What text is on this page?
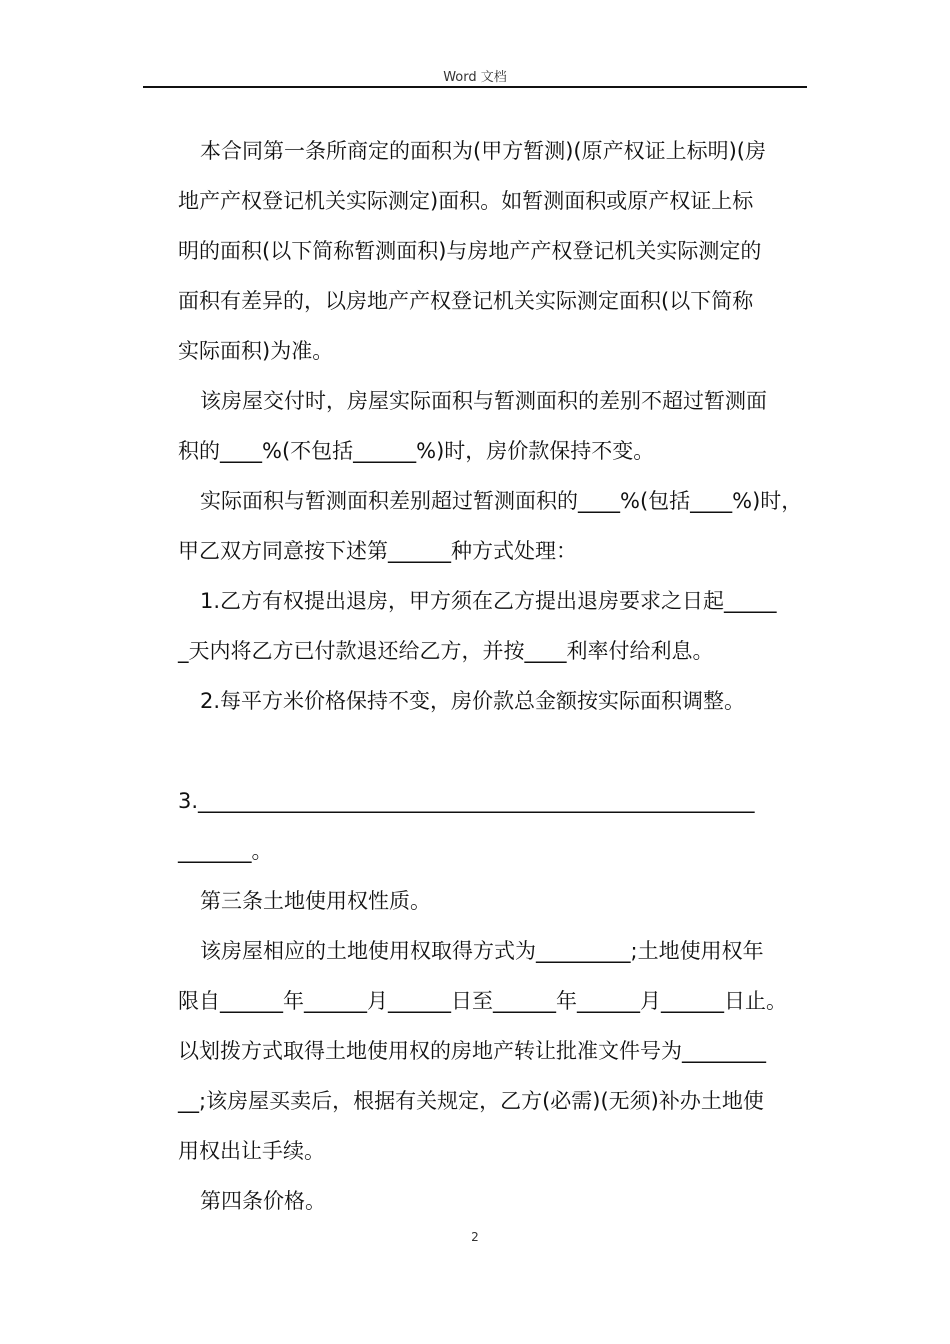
Word 文档
本合同第一条所商定的面积为(甲方暂测)(原产权证上标明)(房
地产产权登记机关实际测定)面积。如暂测面积或原产权证上标
明的面积(以下简称暂测面积)与房地产产权登记机关实际测定的
面积有差异的，以房地产产权登记机关实际测定面积(以下简称
实际面积)为准。
该房屋交付时，房屋实际面积与暂测面积的差别不超过暂测面
积的____%(不包括______%)时，房价款保持不变。
实际面积与暂测面积差别超过暂测面积的____%(包括____%)时，
甲乙双方同意按下述第______种方式处理：
1.乙方有权提出退房，甲方须在乙方提出退房要求之日起_____
_天内将乙方已付款退还给乙方，并按____利率付给利息。
2.每平方米价格保持不变，房价款总金额按实际面积调整。
3._____________________________________________________
_______。
第三条土地使用权性质。
该房屋相应的土地使用权取得方式为_________;土地使用权年
限自______年______月______日至______年______月______日止。
以划拨方式取得土地使用权的房地产转让批准文件号为________
__;该房屋买卖后，根据有关规定，乙方(必需)(无须)补办土地使
用权出让手续。
第四条价格。
2
